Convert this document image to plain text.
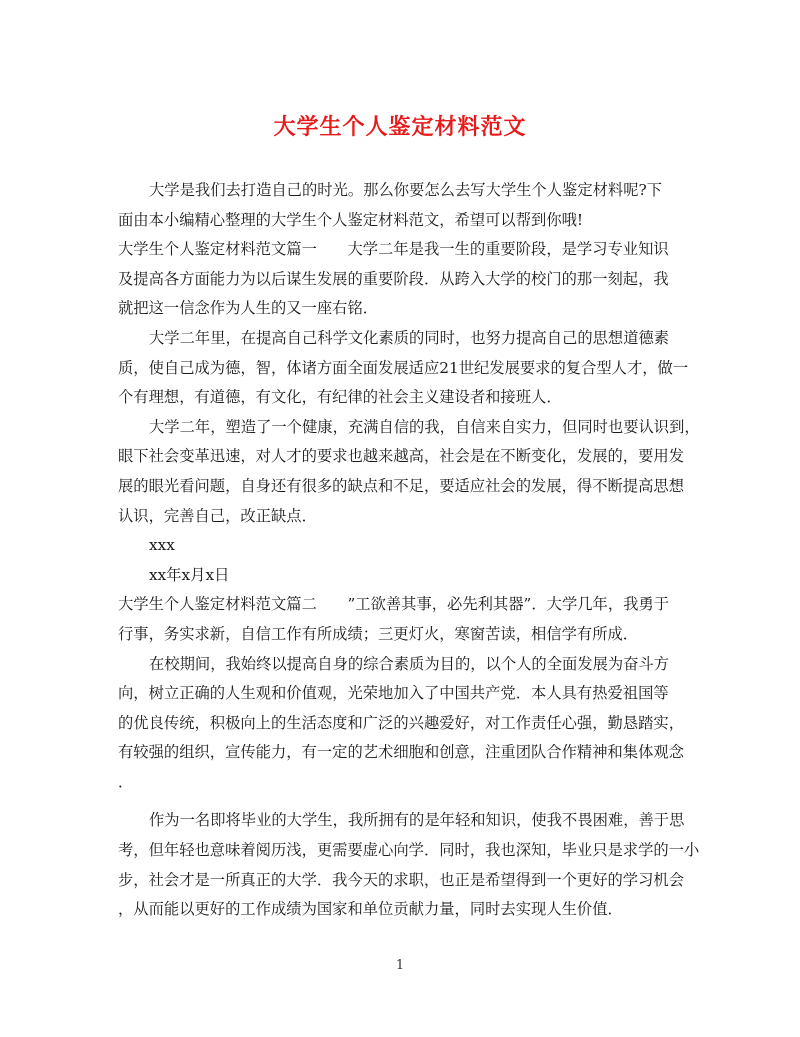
大学生个人鉴定材料范文
大学是我们去打造自己的时光。那么你要怎么去写大学生个人鉴定材料呢?下
面由本小编精心整理的大学生个人鉴定材料范文，希望可以帮到你哦!
大学生个人鉴定材料范文篇一　　大学二年是我一生的重要阶段，是学习专业知识
及提高各方面能力为以后谋生发展的重要阶段．从跨入大学的校门的那一刻起，我
就把这一信念作为人生的又一座右铭．
大学二年里，在提高自己科学文化素质的同时，也努力提高自己的思想道德素
质，使自己成为德，智，体诸方面全面发展适应21世纪发展要求的复合型人才，做一
个有理想，有道德，有文化，有纪律的社会主义建设者和接班人．
大学二年，塑造了一个健康，充满自信的我，自信来自实力，但同时也要认识到，
眼下社会变革迅速，对人才的要求也越来越高，社会是在不断变化，发展的，要用发
展的眼光看问题，自身还有很多的缺点和不足，要适应社会的发展，得不断提高思想
认识，完善自己，改正缺点．
xxx
xx年x月x日
大学生个人鉴定材料范文篇二　　”工欲善其事，必先利其器”．大学几年，我勇于
行事，务实求新，自信工作有所成绩；三更灯火，寒窗苦读，相信学有所成．
在校期间，我始终以提高自身的综合素质为目的，以个人的全面发展为奋斗方
向，树立正确的人生观和价值观，光荣地加入了中国共产党．本人具有热爱祖国等
的优良传统，积极向上的生活态度和广泛的兴趣爱好，对工作责任心强，勤恳踏实，
有较强的组织，宣传能力，有一定的艺术细胞和创意，注重团队合作精神和集体观念
．
作为一名即将毕业的大学生，我所拥有的是年轻和知识，使我不畏困难，善于思
考，但年轻也意味着阅历浅，更需要虚心向学．同时，我也深知，毕业只是求学的一小
步，社会才是一所真正的大学．我今天的求职，也正是希望得到一个更好的学习机会
，从而能以更好的工作成绩为国家和单位贡献力量，同时去实现人生价值．
1
